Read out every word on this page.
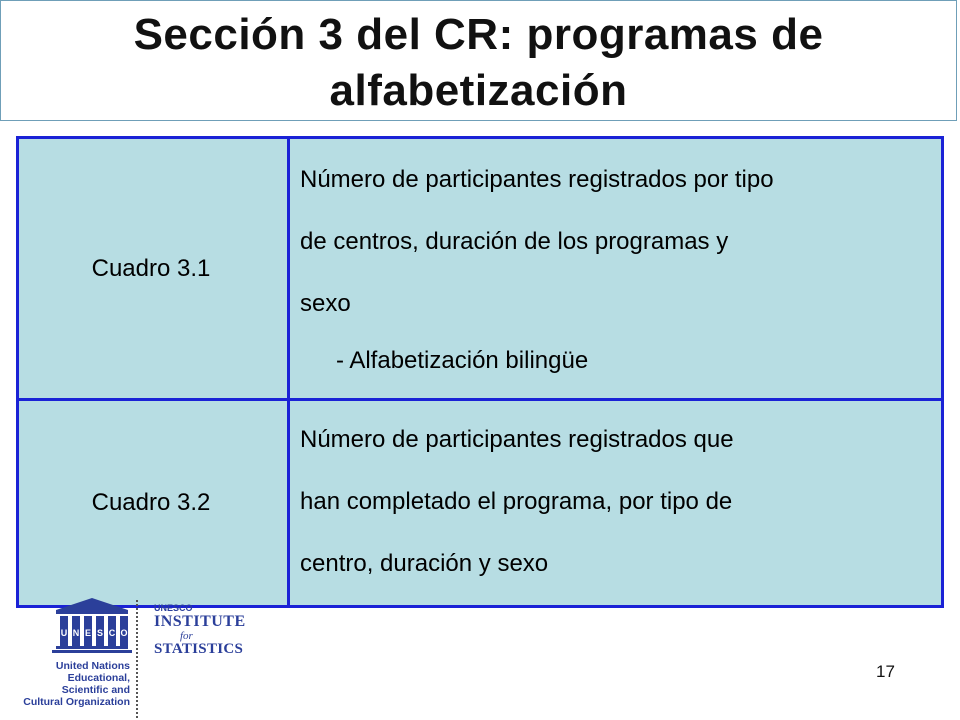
Sección 3 del CR: programas de alfabetización
Cuadro 3.1	Número de participantes registrados por tipo
de centros, duración de los programas y
sexo
- Alfabetización bilingüe

Cuadro 3.2	Número de participantes registrados que
han completado el programa, por tipo de
centro, duración y sexo
U N E S C O
United Nations
Educational, Scientific and
Cultural Organization
UNESCO
INSTITUTE
for
STATISTICS
17
